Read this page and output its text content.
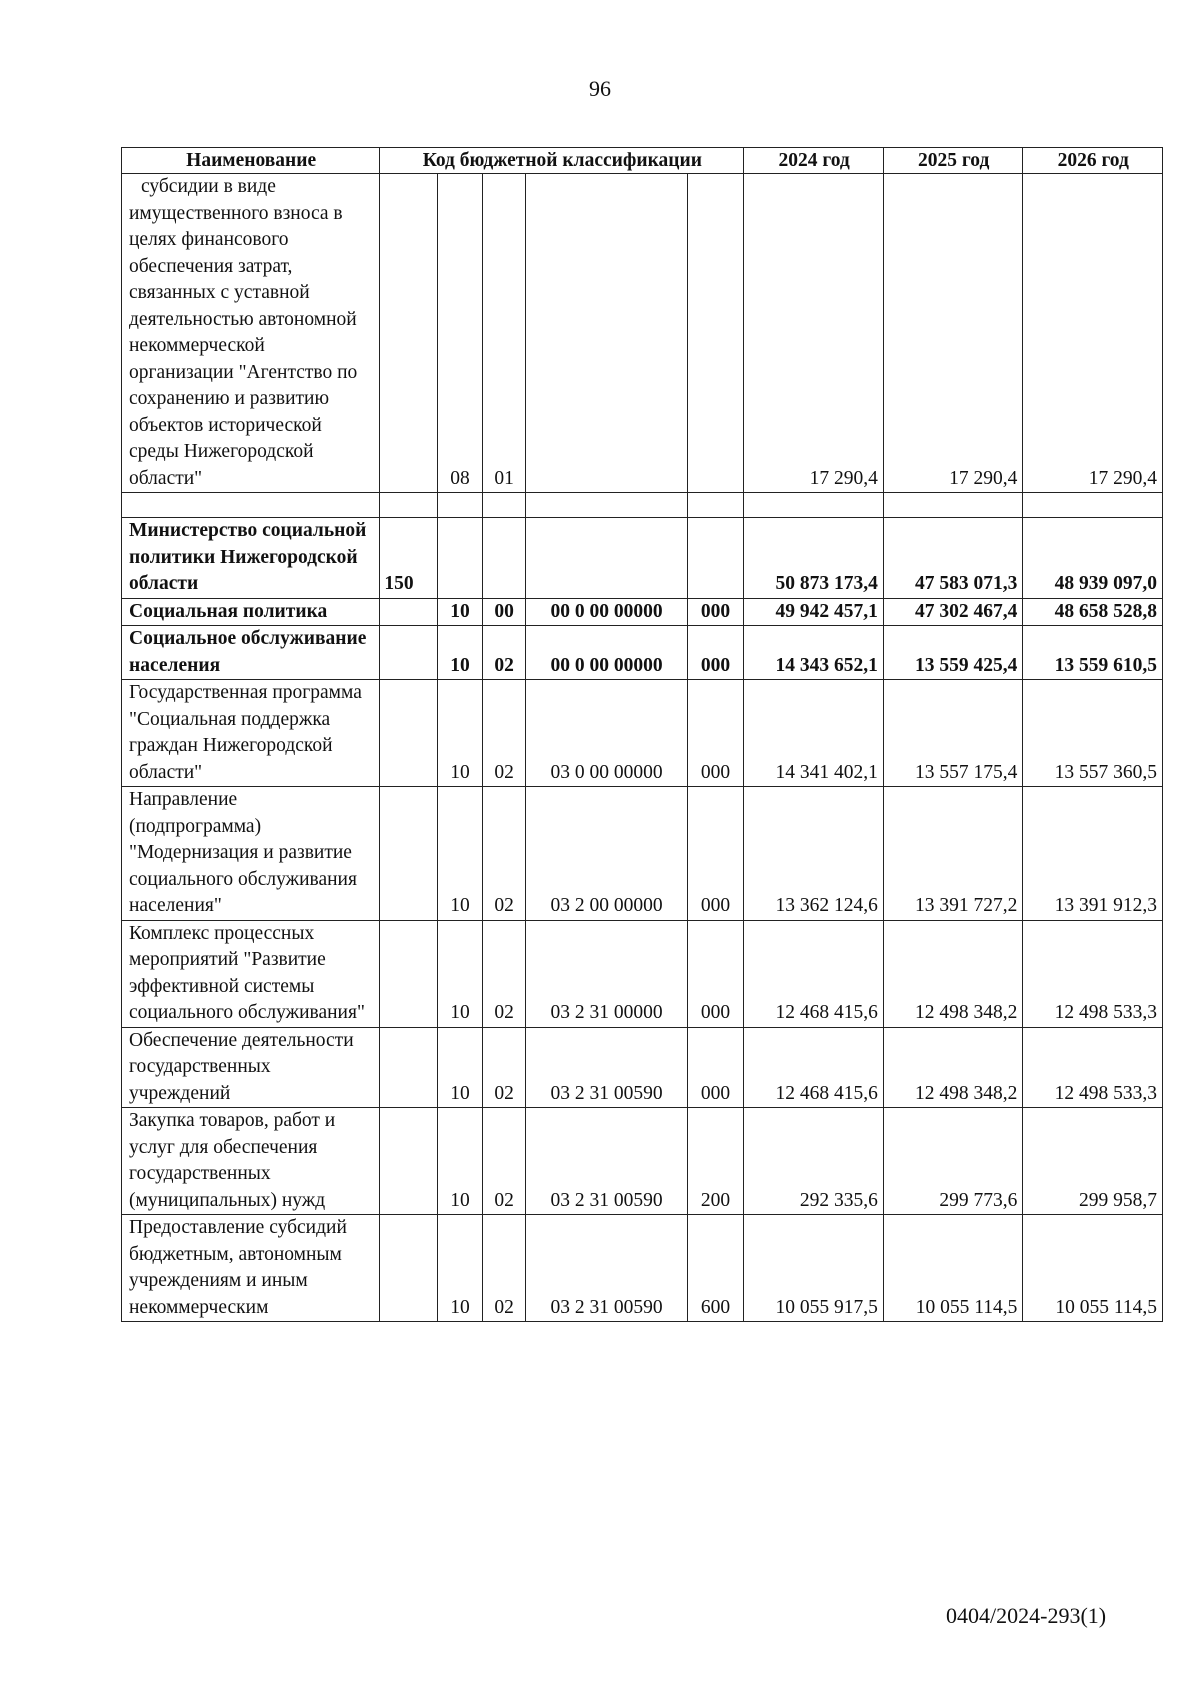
96
Наименование	Код бюджетной классификации					2024 год	2025 год	2026 год
субсидии в виде имущественного взноса в целях финансового обеспечения затрат, связанных с уставной деятельностью автономной некоммерческой организации "Агентство по сохранению и развитию объектов исторической среды Нижегородской области"		08	01			17 290,4	17 290,4	17 290,4

Министерство социальной политики Нижегородской области	150					50 873 173,4	47 583 071,3	48 939 097,0
Социальная политика		10	00	00 0 00 00000	000	49 942 457,1	47 302 467,4	48 658 528,8
Социальное обслуживание населения		10	02	00 0 00 00000	000	14 343 652,1	13 559 425,4	13 559 610,5
Государственная программа "Социальная поддержка граждан Нижегородской области"		10	02	03 0 00 00000	000	14 341 402,1	13 557 175,4	13 557 360,5
Направление (подпрограмма) "Модернизация и развитие социального обслуживания населения"		10	02	03 2 00 00000	000	13 362 124,6	13 391 727,2	13 391 912,3
Комплекс процессных мероприятий "Развитие эффективной системы социального обслуживания"		10	02	03 2 31 00000	000	12 468 415,6	12 498 348,2	12 498 533,3
Обеспечение деятельности государственных учреждений		10	02	03 2 31 00590	000	12 468 415,6	12 498 348,2	12 498 533,3
Закупка товаров, работ и услуг для обеспечения государственных (муниципальных) нужд		10	02	03 2 31 00590	200	292 335,6	299 773,6	299 958,7
Предоставление субсидий бюджетным, автономным учреждениям и иным некоммерческим		10	02	03 2 31 00590	600	10 055 917,5	10 055 114,5	10 055 114,5
0404/2024-293(1)
